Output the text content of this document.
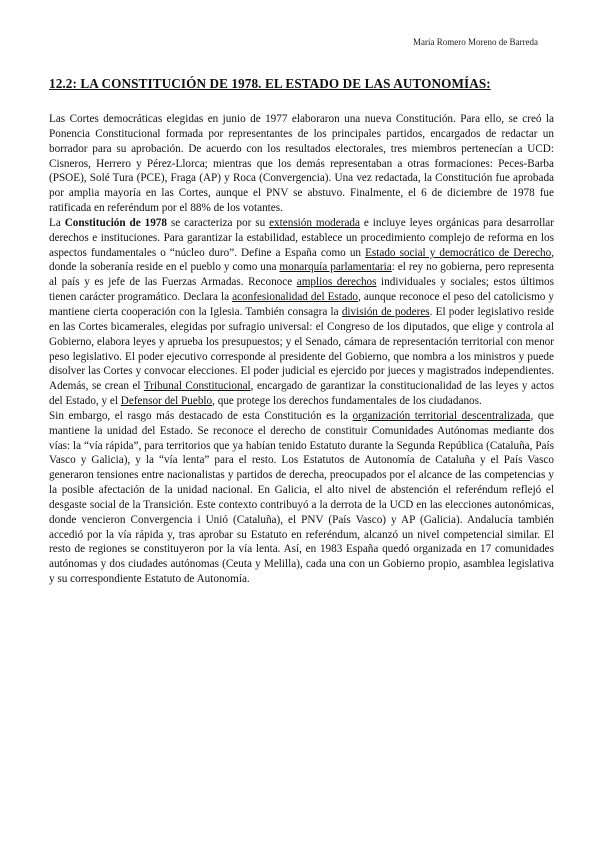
María Romero Moreno de Barreda
12.2: LA CONSTITUCIÓN DE 1978. EL ESTADO DE LAS AUTONOMÍAS:

Las Cortes democráticas elegidas en junio de 1977 elaboraron una nueva Constitución. Para ello, se creó la Ponencia Constitucional formada por representantes de los principales partidos, encargados de redactar un borrador para su aprobación. De acuerdo con los resultados electorales, tres miembros pertenecían a UCD: Cisneros, Herrero y Pérez-Llorca; mientras que los demás representaban a otras formaciones: Peces-Barba (PSOE), Solé Tura (PCE), Fraga (AP) y Roca (Convergencia). Una vez redactada, la Constitución fue aprobada por amplia mayoría en las Cortes, aunque el PNV se abstuvo. Finalmente, el 6 de diciembre de 1978 fue ratificada en referéndum por el 88% de los votantes.

La Constitución de 1978 se caracteriza por su extensión moderada e incluye leyes orgánicas para desarrollar derechos e instituciones. Para garantizar la estabilidad, establece un procedimiento complejo de reforma en los aspectos fundamentales o “núcleo duro”. Define a España como un Estado social y democrático de Derecho, donde la soberanía reside en el pueblo y como una monarquía parlamentaria: el rey no gobierna, pero representa al país y es jefe de las Fuerzas Armadas. Reconoce amplios derechos individuales y sociales; estos últimos tienen carácter programático. Declara la aconfesionalidad del Estado, aunque reconoce el peso del catolicismo y mantiene cierta cooperación con la Iglesia. También consagra la división de poderes. El poder legislativo reside en las Cortes bicamerales, elegidas por sufragio universal: el Congreso de los diputados, que elige y controla al Gobierno, elabora leyes y aprueba los presupuestos; y el Senado, cámara de representación territorial con menor peso legislativo. El poder ejecutivo corresponde al presidente del Gobierno, que nombra a los ministros y puede disolver las Cortes y convocar elecciones. El poder judicial es ejercido por jueces y magistrados independientes. Además, se crean el Tribunal Constitucional, encargado de garantizar la constitucionalidad de las leyes y actos del Estado, y el Defensor del Pueblo, que protege los derechos fundamentales de los ciudadanos.

Sin embargo, el rasgo más destacado de esta Constitución es la organización territorial descentralizada, que mantiene la unidad del Estado. Se reconoce el derecho de constituir Comunidades Autónomas mediante dos vías: la “vía rápida”, para territorios que ya habían tenido Estatuto durante la Segunda República (Cataluña, País Vasco y Galicia), y la “vía lenta” para el resto. Los Estatutos de Autonomía de Cataluña y el País Vasco generaron tensiones entre nacionalistas y partidos de derecha, preocupados por el alcance de las competencias y la posible afectación de la unidad nacional. En Galicia, el alto nivel de abstención el referéndum reflejó el desgaste social de la Transición. Este contexto contribuyó a la derrota de la UCD en las elecciones autonómicas, donde vencieron Convergencia i Unió (Cataluña), el PNV (País Vasco) y AP (Galicia). Andalucía también accedió por la vía rápida y, tras aprobar su Estatuto en referéndum, alcanzó un nivel competencial similar. El resto de regiones se constituyeron por la vía lenta. Así, en 1983 España quedó organizada en 17 comunidades autónomas y dos ciudades autónomas (Ceuta y Melilla), cada una con un Gobierno propio, asamblea legislativa y su correspondiente Estatuto de Autonomía.
